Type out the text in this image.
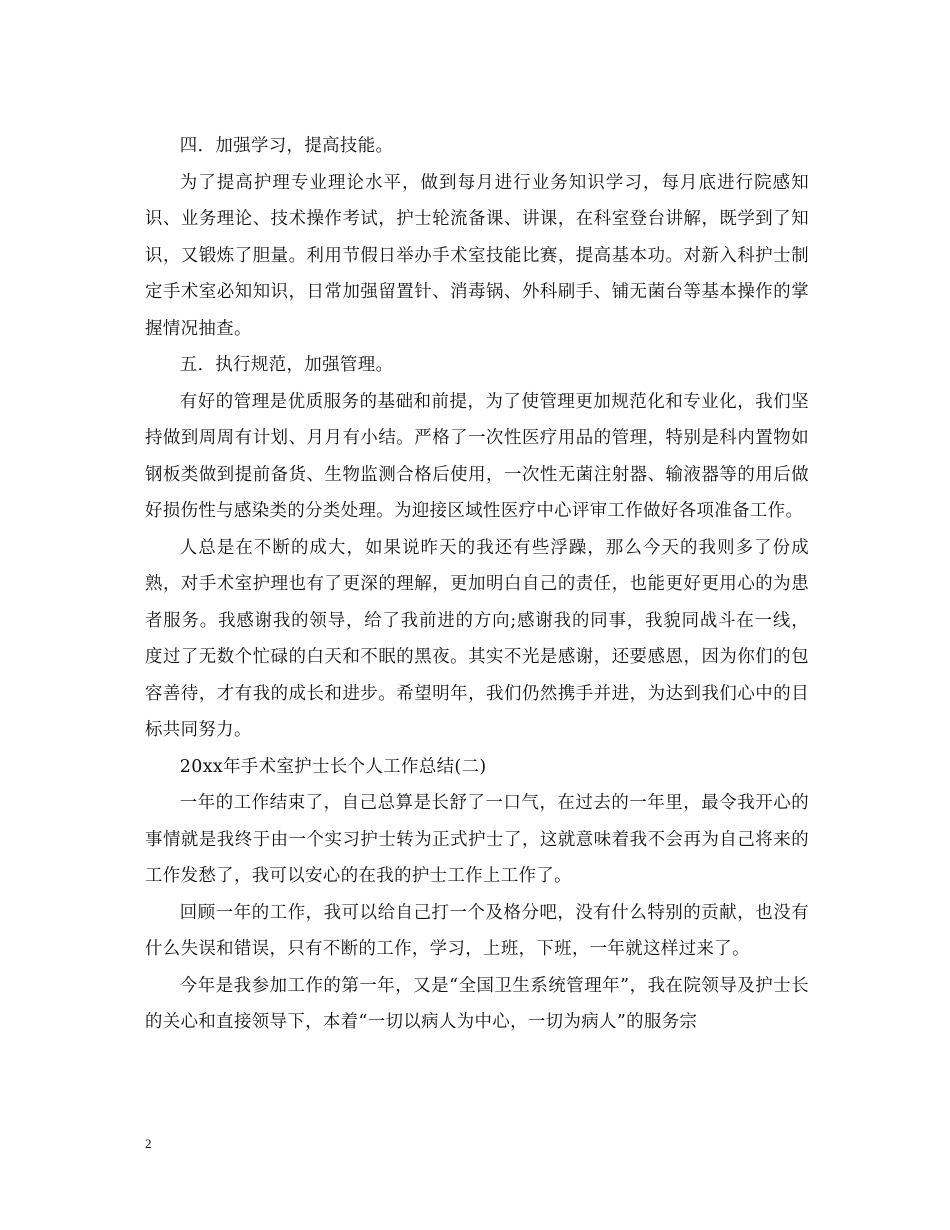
四．加强学习，提高技能。

为了提高护理专业理论水平，做到每月进行业务知识学习，每月底进行院感知识、业务理论、技术操作考试，护士轮流备课、讲课，在科室登台讲解，既学到了知识，又锻炼了胆量。利用节假日举办手术室技能比赛，提高基本功。对新入科护士制定手术室必知知识，日常加强留置针、消毒锅、外科刷手、铺无菌台等基本操作的掌握情况抽查。

五．执行规范，加强管理。

有好的管理是优质服务的基础和前提，为了使管理更加规范化和专业化，我们坚持做到周周有计划、月月有小结。严格了一次性医疗用品的管理，特别是科内置物如钢板类做到提前备货、生物监测合格后使用，一次性无菌注射器、输液器等的用后做好损伤性与感染类的分类处理。为迎接区域性医疗中心评审工作做好各项准备工作。

人总是在不断的成大，如果说昨天的我还有些浮躁，那么今天的我则多了份成熟，对手术室护理也有了更深的理解，更加明白自己的责任，也能更好更用心的为患者服务。我感谢我的领导，给了我前进的方向;感谢我的同事，我貌同战斗在一线，度过了无数个忙碌的白天和不眠的黑夜。其实不光是感谢，还要感恩，因为你们的包容善待，才有我的成长和进步。希望明年，我们仍然携手并进，为达到我们心中的目标共同努力。

20xx年手术室护士长个人工作总结(二)

一年的工作结束了，自己总算是长舒了一口气，在过去的一年里，最令我开心的事情就是我终于由一个实习护士转为正式护士了，这就意味着我不会再为自己将来的工作发愁了，我可以安心的在我的护士工作上工作了。

回顾一年的工作，我可以给自己打一个及格分吧，没有什么特别的贡献，也没有什么失误和错误，只有不断的工作，学习，上班，下班，一年就这样过来了。

今年是我参加工作的第一年，又是“全国卫生系统管理年”，我在院领导及护士长的关心和直接领导下，本着“一切以病人为中心，一切为病人”的服务宗

2
